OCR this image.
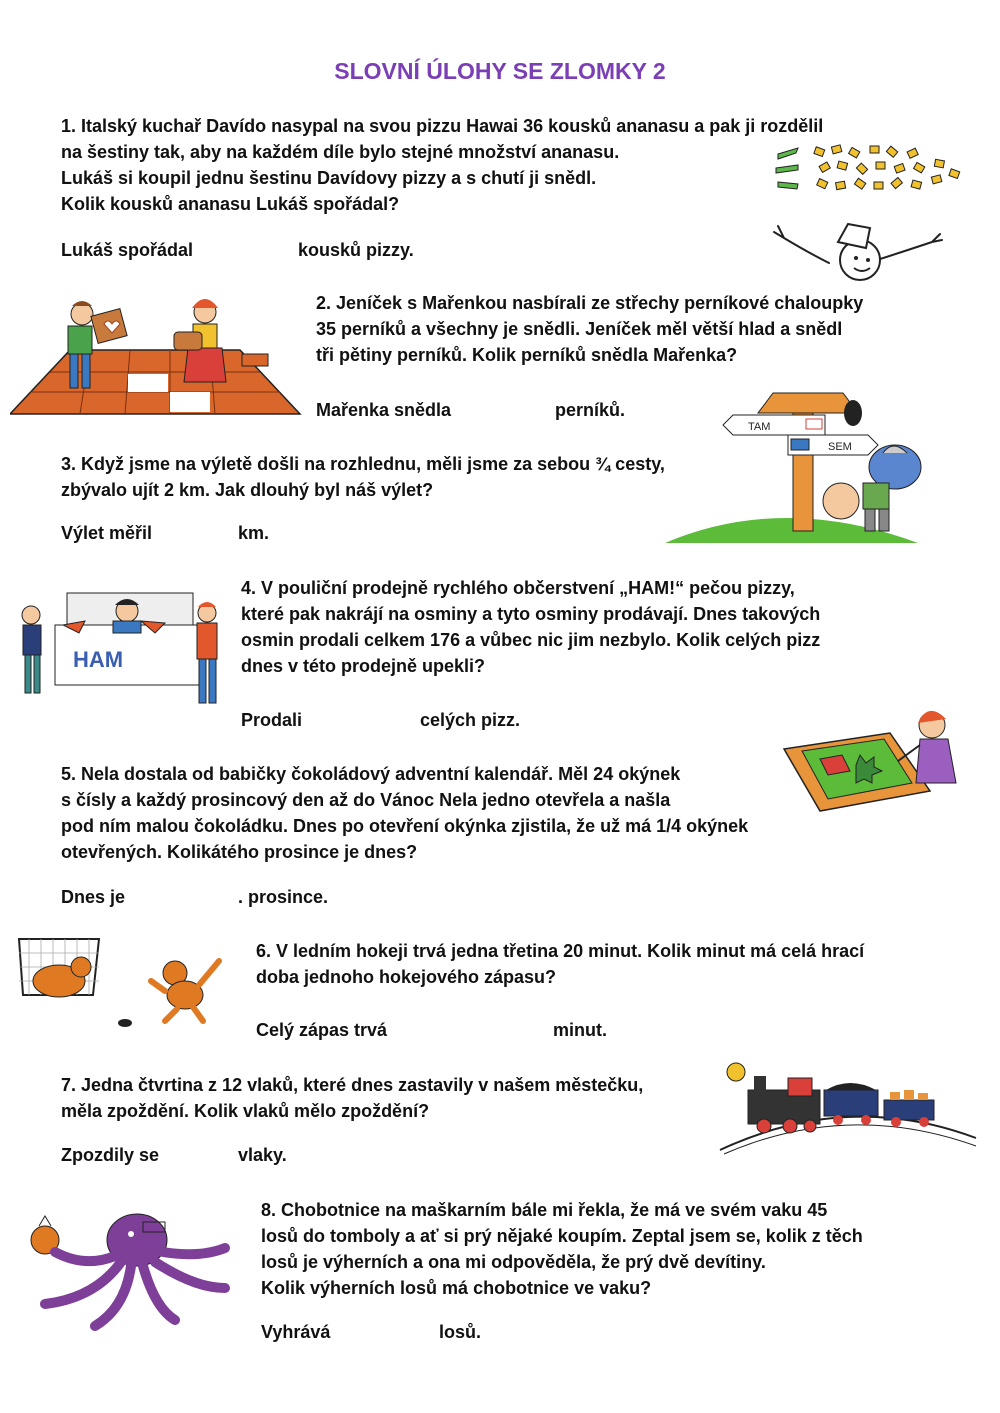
SLOVNÍ ÚLOHY SE ZLOMKY 2
1. Italský kuchař Davído nasypal na svou pizzu Hawai 36 kousků ananasu a pak ji rozdělil
na šestiny tak, aby na každém díle bylo stejné množství ananasu.
Lukáš si koupil jednu šestinu Davídovy pizzy a s chutí ji snědl.
Kolik kousků ananasu Lukáš spořádal?
Lukáš spořádal	kousků pizzy.
2. Jeníček s Mařenkou nasbírali ze střechy perníkové chaloupky
35 perníků a všechny je snědli. Jeníček měl větší hlad a snědl
tři pětiny perníků. Kolik perníků snědla Mařenka?
Mařenka snědla	perníků.
3. Když jsme na výletě došli na rozhlednu, měli jsme za sebou ¾ cesty,
zbývalo ujít 2 km. Jak dlouhý byl náš výlet?
Výlet měřil	km.
4. V pouliční prodejně rychlého občerstvení „HAM!“ pečou pizzy,
které pak nakrájí na osminy a tyto osminy prodávají. Dnes takových
osmin prodali celkem 176 a vůbec nic jim nezbylo. Kolik celých pizz
dnes v této prodejně upekli?
Prodali	celých pizz.
5. Nela dostala od babičky čokoládový adventní kalendář. Měl 24 okýnek
s čísly a každý prosincový den až do Vánoc Nela jedno otevřela a našla
pod ním malou čokoládku. Dnes po otevření okýnka zjistila, že už má 1/4 okýnek
otevřených. Kolikátého prosince je dnes?
Dnes je	. prosince.
6. V ledním hokeji trvá jedna třetina 20 minut. Kolik minut má celá hrací
doba jednoho hokejového zápasu?
Celý zápas trvá	minut.
7. Jedna čtvrtina z 12 vlaků, které dnes zastavily v našem městečku,
měla zpoždění. Kolik vlaků mělo zpoždění?
Zpozdily se	vlaky.
8. Chobotnice na maškarním bále mi řekla, že má ve svém vaku 45
losů do tomboly a ať si prý nějaké koupím. Zeptal jsem se, kolik z těch
losů je výherních a ona mi odpověděla, že prý dvě devítiny.
Kolik výherních losů má chobotnice ve vaku?
Vyhrává	losů.
TAM
SEM
HAM
